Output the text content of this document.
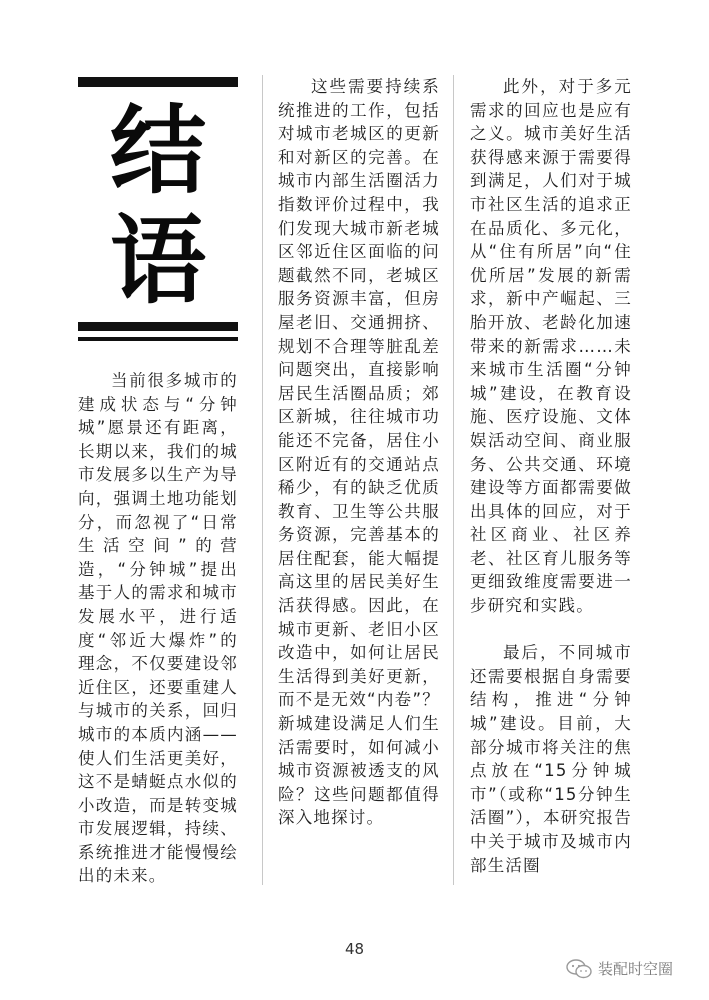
结
语

当前很多城市的建成状态与“分钟城”愿景还有距离，长期以来，我们的城市发展多以生产为导向，强调土地功能划分，而忽视了“日常生活空间”的营造，“分钟城”提出基于人的需求和城市发展水平，进行适度“邻近大爆炸”的理念，不仅要建设邻近住区，还要重建人与城市的关系，回归城市的本质内涵——使人们生活更美好，这不是蜻蜓点水似的小改造，而是转变城市发展逻辑，持续、系统推进才能慢慢绘出的未来。

这些需要持续系统推进的工作，包括对城市老城区的更新和对新区的完善。在城市内部生活圈活力指数评价过程中，我们发现大城市新老城区邻近住区面临的问题截然不同，老城区服务资源丰富，但房屋老旧、交通拥挤、规划不合理等脏乱差问题突出，直接影响居民生活圈品质；郊区新城，往往城市功能还不完备，居住小区附近有的交通站点稀少，有的缺乏优质教育、卫生等公共服务资源，完善基本的居住配套，能大幅提高这里的居民美好生活获得感。因此，在城市更新、老旧小区改造中，如何让居民生活得到美好更新，而不是无效“内卷”？新城建设满足人们生活需要时，如何减小城市资源被透支的风险？这些问题都值得深入地探讨。

此外，对于多元需求的回应也是应有之义。城市美好生活获得感来源于需要得到满足，人们对于城市社区生活的追求正在品质化、多元化，从“住有所居”向“住优所居”发展的新需求，新中产崛起、三胎开放、老龄化加速带来的新需求……未来城市生活圈“分钟城”建设，在教育设施、医疗设施、文体娱活动空间、商业服务、公共交通、环境建设等方面都需要做出具体的回应，对于社区商业、社区养老、社区育儿服务等更细致维度需要进一步研究和实践。

最后，不同城市还需要根据自身需要结构，推进“分钟城”建设。目前，大部分城市将关注的焦点放在“15分钟城市”（或称“15分钟生活圈”），本研究报告中关于城市及城市内部生活圈

48
装配时空圈
